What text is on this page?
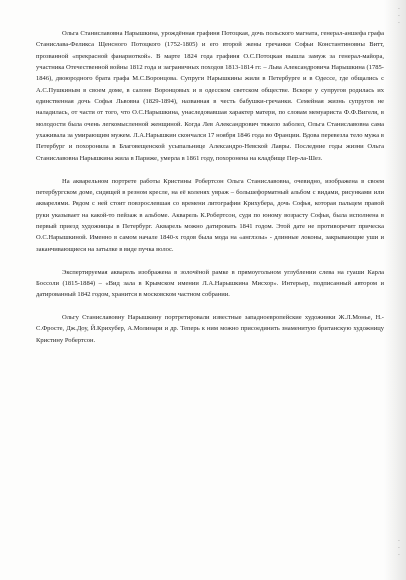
Ольга Станиславовна Нарышкина, урождённая графиня Потоцкая, дочь польского магната, генерал-аншефа графа Станислава-Феликса Щенсного Потоцкого (1752-1805) и его второй жены гречанки Софьи Константиновны Витт, прозванной «прекрасной фанариоткой». В марте 1824 года графиня О.С.Потоцкая вышла замуж за генерал-майора, участника Отечественной войны 1812 года и заграничных походов 1813-1814 гг. – Льва Александровича Нарышкина (1785-1846), двоюродного брата графа М.С.Воронцова. Супруги Нарышкины жили в Петербурге и в Одессе, где общались с А.С.Пушкиным в своем доме, в салоне Воронцовых и в одесском светском обществе. Вскоре у супругов родилась их единственная дочь Софья Львовна (1829-1894), названная в честь бабушки-гречанки. Семейная жизнь супругов не наладилась, от части от того, что О.С.Нарышкина, унаследовавшая характер матери, по словам мемуариста Ф.Ф.Вигеля, в молодости была очень легкомысленной женщиной. Когда Лев Александрович тяжело заболел, Ольга Станиславовна сама ухаживала за умирающим мужем. Л.А.Нарышкин скончался 17 ноября 1846 года во Франции. Вдова перевезла тело мужа в Петербург и похоронила в Благовещенской усыпальнице Александро-Невской Лавры. Последние годы жизни Ольга Станиславовна Нарышкина жила в Париже, умерла в 1861 году, похоронена на кладбище Пер-ла-Шез.

На акварельном портрете работы Кристины Робертсон Ольга Станиславовна, очевидно, изображена в своем петербургском доме, сидящей в резном кресле, на её коленях увраж – большеформатный альбом с видами, рисунками или акварелями. Рядом с ней стоит повзрослевшая со времени литографии Крихубера, дочь Софья, которая пальцем правой руки указывает на какой-то пейзаж в альбоме. Акварель К.Робертсон, судя по юному возрасту Софьи, была исполнена в первый приезд художницы в Петербург. Акварель можно датировать 1841 годом. Этой дате не противоречит прическа О.С.Нарышкиной. Именно в самом начале 1840-х годов была мода на «англэзы» - длинные локоны, закрывающие уши и заканчивающиеся на затылке в виде пучка волос.

Экспертируемая акварель изображена в золочёной рамке в прямоугольном углублении слева на гуаши Карла Боссоли (1815-1884) – «Вид зала в Крымском имении Л.А.Нарышкина Мисхор». Интерьер, подписанный автором и датированный 1842 годом, хранится в московском частном собрании.

Ольгу Станиславовну Нарышкину портретировали известные западноевропейские художники Ж.Л.Монье, Н.-С.Фросте, Дж.Доу, Й.Крихубер, А.Молинари и др. Теперь к ним можно присоединить знаменитую британскую художницу Кристину Робертсон.

·
·
·
·
·
·
